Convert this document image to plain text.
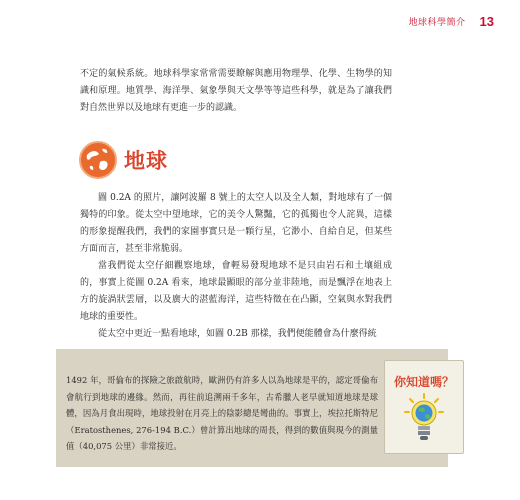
地球科學簡介 13

不定的氣候系統。地球科學家常常需要瞭解與應用物理學、化學、生物學的知識和原理。地質學、海洋學、氣象學與天文學等等這些科學，就是為了讓我們對自然世界以及地球有更進一步的認識。

地球

圖 0.2A 的照片，讓阿波羅 8 號上的太空人以及全人類，對地球有了一個獨特的印象。從太空中望地球，它的美令人驚豔，它的孤獨也令人詫異，這樣的形象提醒我們，我們的家園事實只是一顆行星，它渺小、自給自足，但某些方面而言，甚至非常脆弱。

當我們從太空仔細觀察地球，會輕易發現地球不是只由岩石和土壤組成的，事實上從圖 0.2A 看來，地球最顯眼的部分並非陸地，而是飄浮在地表上方的旋渦狀雲層，以及廣大的湛藍海洋，這些特徵在在凸顯，空氣與水對我們地球的重要性。

從太空中更近一點看地球，如圖 0.2B 那樣，我們便能體會為什麼得統

1492 年，哥倫布的探險之旅啟航時，歐洲仍有許多人以為地球是平的，認定哥倫布會航行到地球的邊緣。然而，再往前追溯兩千多年，古希臘人老早就知道地球是球體，因為月食出現時，地球投射在月亮上的陰影總是彎曲的。事實上，埃拉托斯特尼（Eratosthenes, 276-194 B.C.）曾計算出地球的周長，得到的數值與現今的測量值（40,075 公里）非常接近。

你知道嗎？
